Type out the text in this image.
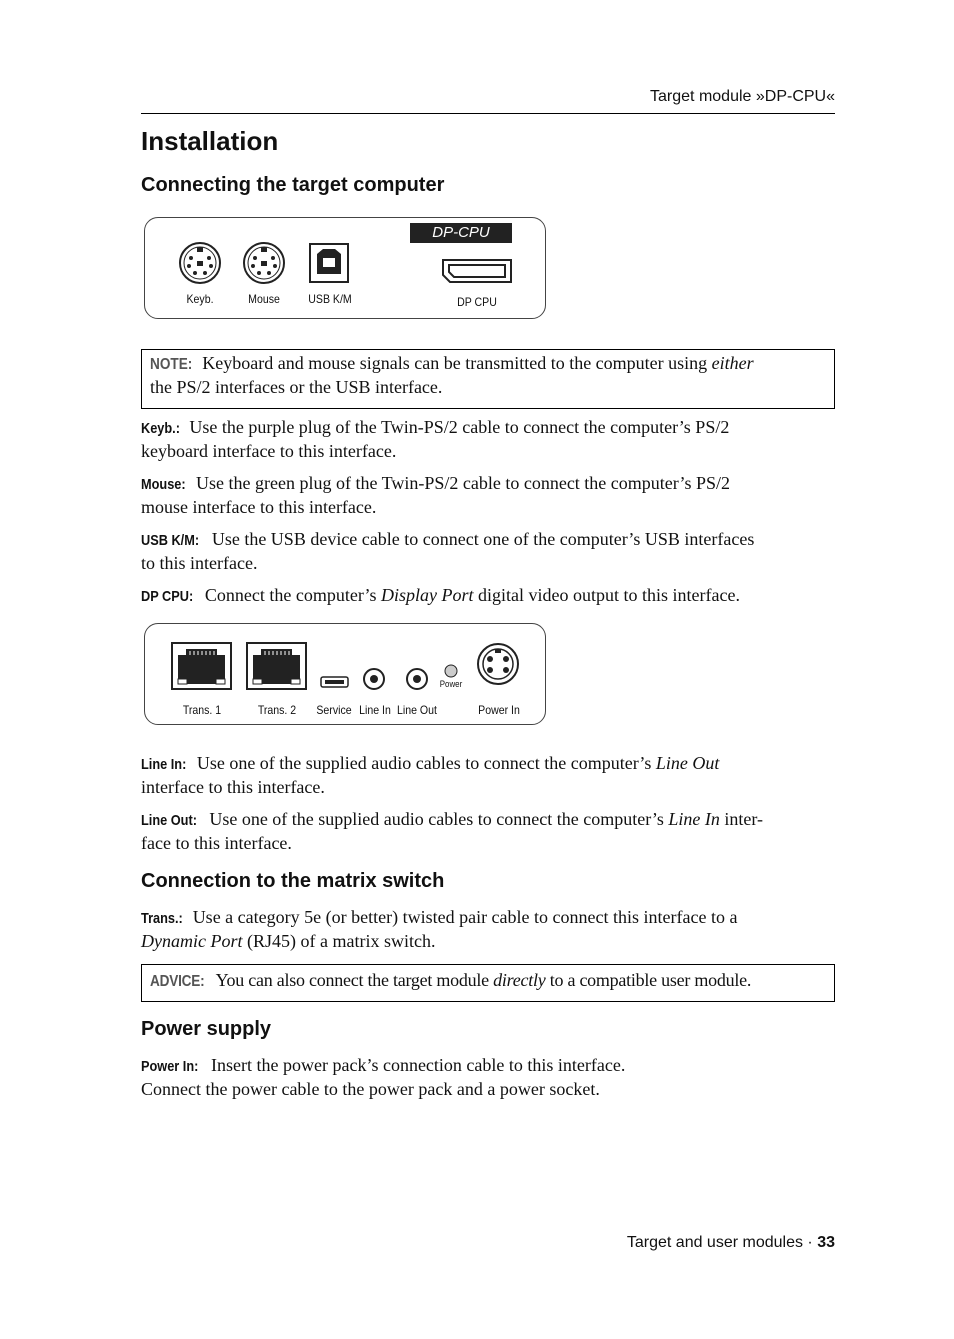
Target module »DP-CPU«
Installation
Connecting the target computer
DP-CPU
Keyb.	Mouse	USB K/M	DP CPU
NOTE: Keyboard and mouse signals can be transmitted to the computer using either
the PS/2 interfaces or the USB interface.
Keyb.: Use the purple plug of the Twin-PS/2 cable to connect the computer’s PS/2
keyboard interface to this interface.
Mouse: Use the green plug of the Twin-PS/2 cable to connect the computer’s PS/2
mouse interface to this interface.
USB K/M: Use the USB device cable to connect one of the computer’s USB interfaces
to this interface.
DP CPU: Connect the computer’s Display Port digital video output to this interface.
Trans. 1	Trans. 2	Service Line In Line Out	Power In
Power
Line In: Use one of the supplied audio cables to connect the computer’s Line Out
interface to this interface.
Line Out: Use one of the supplied audio cables to connect the computer’s Line In inter-
face to this interface.
Connection to the matrix switch
Trans.: Use a category 5e (or better) twisted pair cable to connect this interface to a
Dynamic Port (RJ45) of a matrix switch.
ADVICE: You can also connect the target module directly to a compatible user module.
Power supply
Power In: Insert the power pack’s connection cable to this interface.
Connect the power cable to the power pack and a power socket.
Target and user modules · 33
